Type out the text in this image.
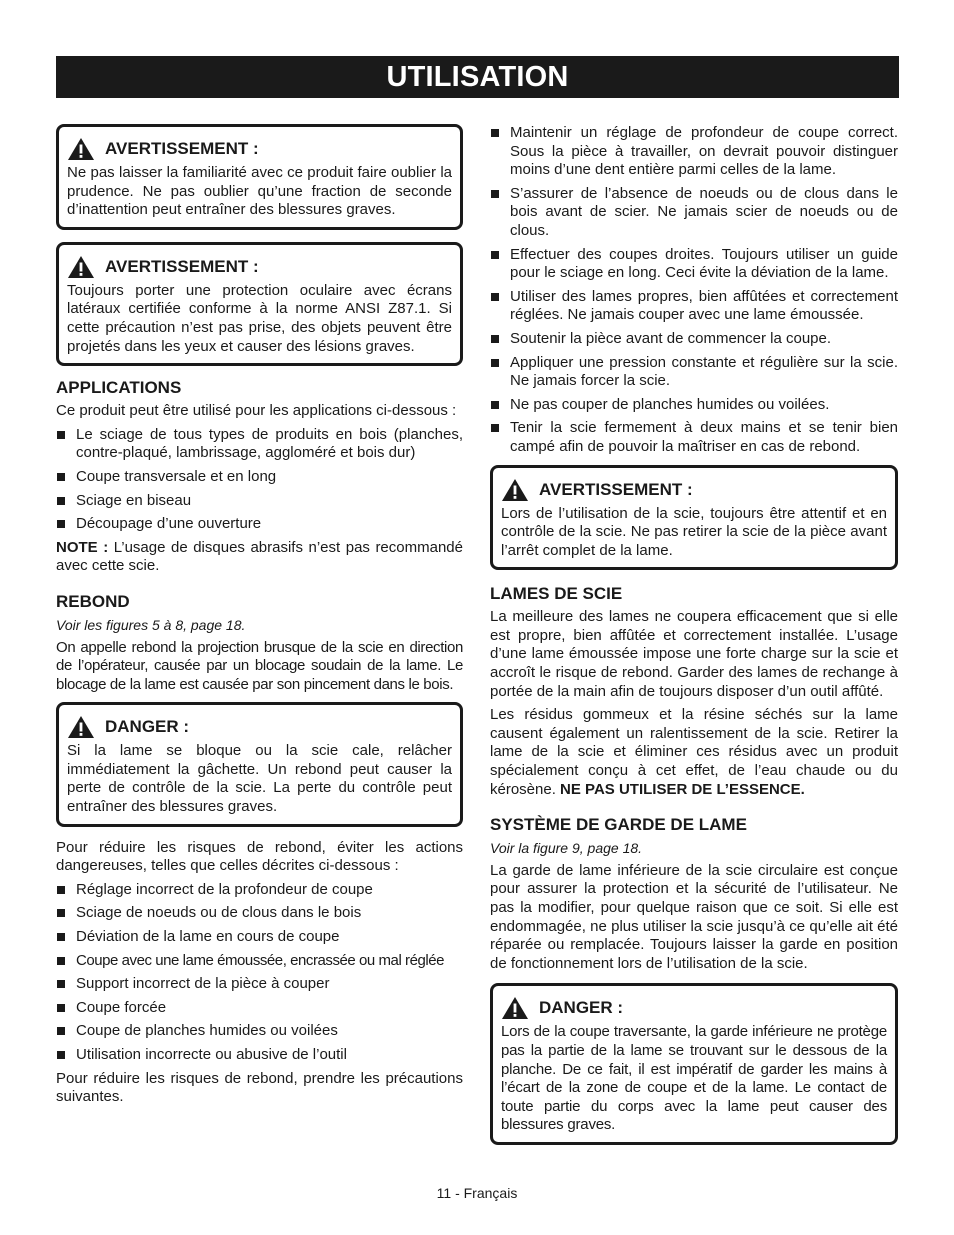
UTILISATION
AVERTISSEMENT :
Ne pas laisser la familiarité avec ce produit faire oublier la prudence. Ne pas oublier qu’une fraction de seconde d’inattention peut entraîner des blessures graves.
AVERTISSEMENT :
Toujours porter une protection oculaire avec écrans latéraux certifiée conforme à la norme ANSI Z87.1. Si cette précaution n’est pas prise, des objets peuvent être projetés dans les yeux et causer des lésions graves.
APPLICATIONS

Ce produit peut être utilisé pour les applications ci-dessous :

Le sciage de tous types de produits en bois (planches, contre-plaqué, lambrissage, aggloméré et bois dur)
Coupe transversale et en long
Sciage en biseau
Découpage d’une ouverture

NOTE : L’usage de disques abrasifs n’est pas recommandé avec cette scie.

REBOND
Voir les figures 5 à 8, page 18.

On appelle rebond la projection brusque de la scie en direction de l’opérateur, causée par un blocage soudain de la lame. Le blocage de la lame est causée par son pincement dans le bois.

DANGER :
Si la lame se bloque ou la scie cale, relâcher immédiatement la gâchette. Un rebond peut causer la perte de contrôle de la scie. La perte du contrôle peut entraîner des blessures graves.

Pour réduire les risques de rebond, éviter les actions dangereuses, telles que celles décrites ci-dessous :

Réglage incorrect de la profondeur de coupe
Sciage de noeuds ou de clous dans le bois
Déviation de la lame en cours de coupe
Coupe avec une lame émoussée, encrassée ou mal réglée
Support incorrect de la pièce à couper
Coupe forcée
Coupe de planches humides ou voilées
Utilisation incorrecte ou abusive de l’outil

Pour réduire les risques de rebond, prendre les précautions suivantes.

Maintenir un réglage de profondeur de coupe correct. Sous la pièce à travailler, on devrait pouvoir distinguer moins d’une dent entière parmi celles de la lame.
S’assurer de l’absence de noeuds ou de clous dans le bois avant de scier. Ne jamais scier de noeuds ou de clous.
Effectuer des coupes droites. Toujours utiliser un guide pour le sciage en long. Ceci évite la déviation de la lame.
Utiliser des lames propres, bien affûtées et correctement réglées. Ne jamais couper avec une lame émoussée.
Soutenir la pièce avant de commencer la coupe.
Appliquer une pression constante et régulière sur la scie. Ne jamais forcer la scie.
Ne pas couper de planches humides ou voilées.
Tenir la scie fermement à deux mains et se tenir bien campé afin de pouvoir la maîtriser en cas de rebond.
AVERTISSEMENT :
Lors de l’utilisation de la scie, toujours être attentif et en contrôle de la scie. Ne pas retirer la scie de la pièce avant l’arrêt complet de la lame.
LAMES DE SCIE

La meilleure des lames ne coupera efficacement que si elle est propre, bien affûtée et correctement installée. L’usage d’une lame émoussée impose une forte charge sur la scie et accroît le risque de rebond. Garder des lames de rechange à portée de la main afin de toujours disposer d’un outil affûté.

Les résidus gommeux et la résine séchés sur la lame causent également un ralentissement de la scie. Retirer la lame de la scie et éliminer ces résidus avec un produit spécialement conçu à cet effet, de l’eau chaude ou du kérosène. NE PAS UTILISER DE L’ESSENCE.

SYSTÈME DE GARDE DE LAME
Voir la figure 9, page 18.

La garde de lame inférieure de la scie circulaire est conçue pour assurer la protection et la sécurité de l’utilisateur. Ne pas la modifier, pour quelque raison que ce soit. Si elle est endommagée, ne plus utiliser la scie jusqu’à ce qu’elle ait été réparée ou remplacée. Toujours laisser la garde en position de fonctionnement lors de l’utilisation de la scie.

DANGER :
Lors de la coupe traversante, la garde inférieure ne protège pas la partie de la lame se trouvant sur le dessous de la planche. De ce fait, il est impératif de garder les mains à l’écart de la zone de coupe et de la lame. Le contact de toute partie du corps avec la lame peut causer des blessures graves.
11 - Français
